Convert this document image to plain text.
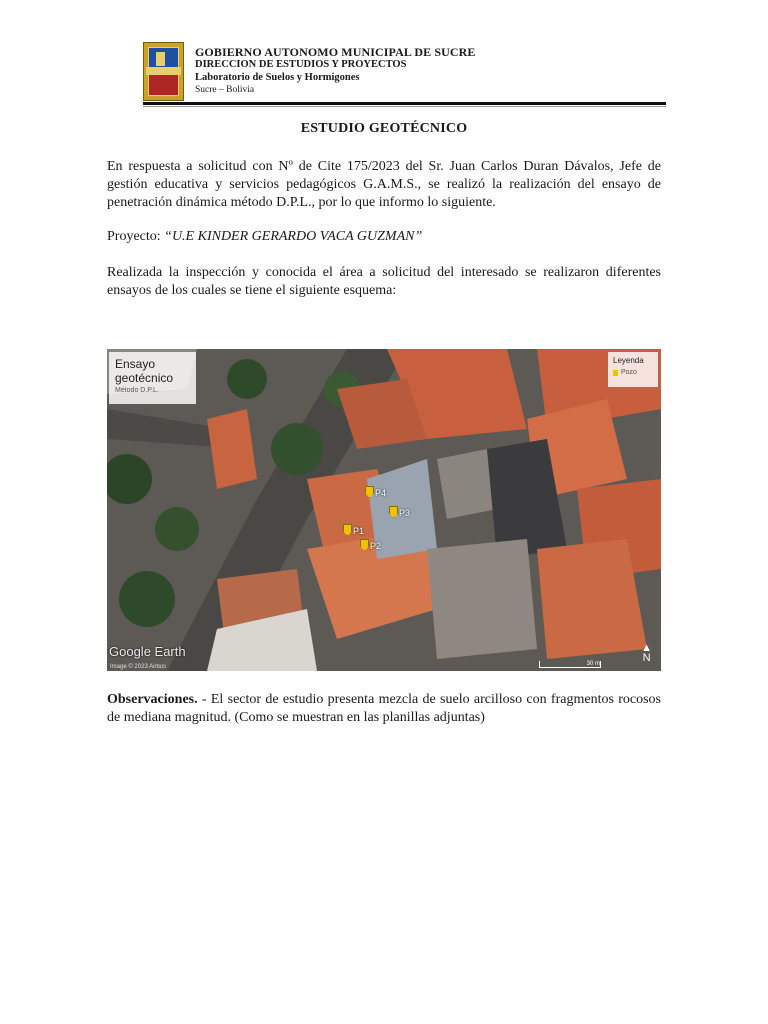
GOBIERNO AUTONOMO MUNICIPAL DE SUCRE
DIRECCION DE ESTUDIOS Y PROYECTOS
Laboratorio de Suelos y Hormigones
Sucre – Bolivia
ESTUDIO GEOTÉCNICO
En respuesta a solicitud con Nº de Cite 175/2023 del Sr. Juan Carlos Duran Dávalos, Jefe de gestión educativa y servicios pedagógicos G.A.M.S., se realizó la realización del ensayo de penetración dinámica método D.P.L., por lo que informo lo siguiente.
Proyecto: “U.E KINDER GERARDO VACA GUZMAN”
Realizada la inspección y conocida el área a solicitud del interesado se realizaron diferentes ensayos de los cuales se tiene el siguiente esquema:
Ensayo
geotécnico
Método D.P.L.
Leyenda
Pozo
P4
P3
P1
P2
Google Earth
Image © 2023 Airbus	30 m
▲
N
Observaciones. - El sector de estudio presenta mezcla de suelo arcilloso con fragmentos rocosos de mediana magnitud. (Como se muestran en las planillas adjuntas)
